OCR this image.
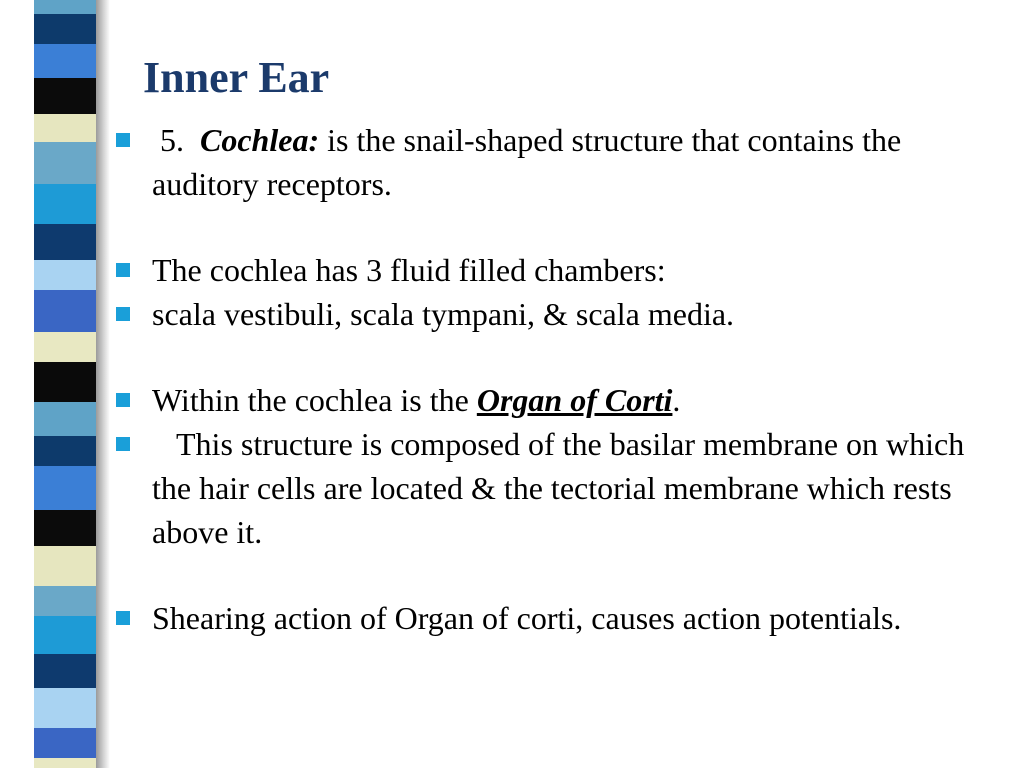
Inner Ear
5.  Cochlea: is the snail-shaped structure that contains the auditory receptors.
The cochlea has 3 fluid filled chambers:
scala vestibuli, scala tympani, & scala media.
Within the cochlea is the Organ of Corti.
This structure is composed of the basilar membrane on which the hair cells are located & the tectorial membrane which rests above it.
Shearing action of Organ of corti, causes action potentials.
